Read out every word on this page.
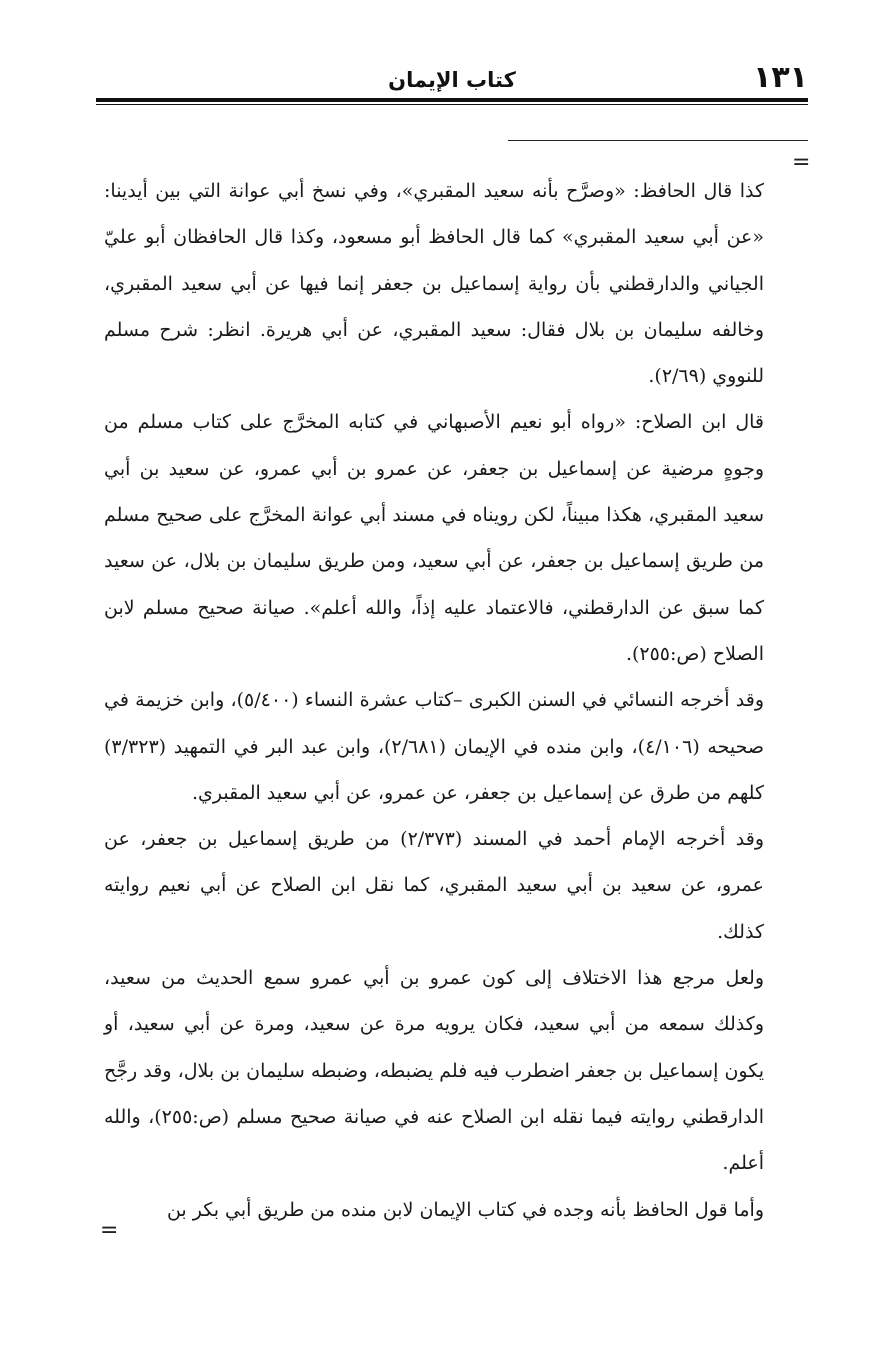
١٣١
كتاب الإيمان
=

كذا قال الحافظ: «وصرَّح بأنه سعيد المقبري»، وفي نسخ أبي عوانة التي بين أيدينا: «عن أبي سعيد المقبري» كما قال الحافظ أبو مسعود، وكذا قال الحافظان أبو عليّ الجياني والدارقطني بأن رواية إسماعيل بن جعفر إنما فيها عن أبي سعيد المقبري، وخالفه سليمان بن بلال فقال: سعيد المقبري، عن أبي هريرة. انظر: شرح مسلم للنووي (٢/٦٩).

قال ابن الصلاح: «رواه أبو نعيم الأصبهاني في كتابه المخرَّج على كتاب مسلم من وجوهٍ مرضية عن إسماعيل بن جعفر، عن عمرو بن أبي عمرو، عن سعيد بن أبي سعيد المقبري، هكذا مبيناً، لكن رويناه في مسند أبي عوانة المخرَّج على صحيح مسلم من طريق إسماعيل بن جعفر، عن أبي سعيد، ومن طريق سليمان بن بلال، عن سعيد كما سبق عن الدارقطني، فالاعتماد عليه إذاً، والله أعلم». صيانة صحيح مسلم لابن الصلاح (ص:٢٥٥).

وقد أخرجه النسائي في السنن الكبرى –كتاب عشرة النساء (٥/٤٠٠)، وابن خزيمة في صحيحه (٤/١٠٦)، وابن منده في الإيمان (٢/٦٨١)، وابن عبد البر في التمهيد (٣/٣٢٣) كلهم من طرق عن إسماعيل بن جعفر، عن عمرو، عن أبي سعيد المقبري.

وقد أخرجه الإمام أحمد في المسند (٢/٣٧٣) من طريق إسماعيل بن جعفر، عن عمرو، عن سعيد بن أبي سعيد المقبري، كما نقل ابن الصلاح عن أبي نعيم روايته كذلك.

ولعل مرجع هذا الاختلاف إلى كون عمرو بن أبي عمرو سمع الحديث من سعيد، وكذلك سمعه من أبي سعيد، فكان يرويه مرة عن سعيد، ومرة عن أبي سعيد، أو يكون إسماعيل بن جعفر اضطرب فيه فلم يضبطه، وضبطه سليمان بن بلال، وقد رجَّح الدارقطني روايته فيما نقله ابن الصلاح عنه في صيانة صحيح مسلم (ص:٢٥٥)، والله أعلم.

وأما قول الحافظ بأنه وجده في كتاب الإيمان لابن منده من طريق أبي بكر بن

=
